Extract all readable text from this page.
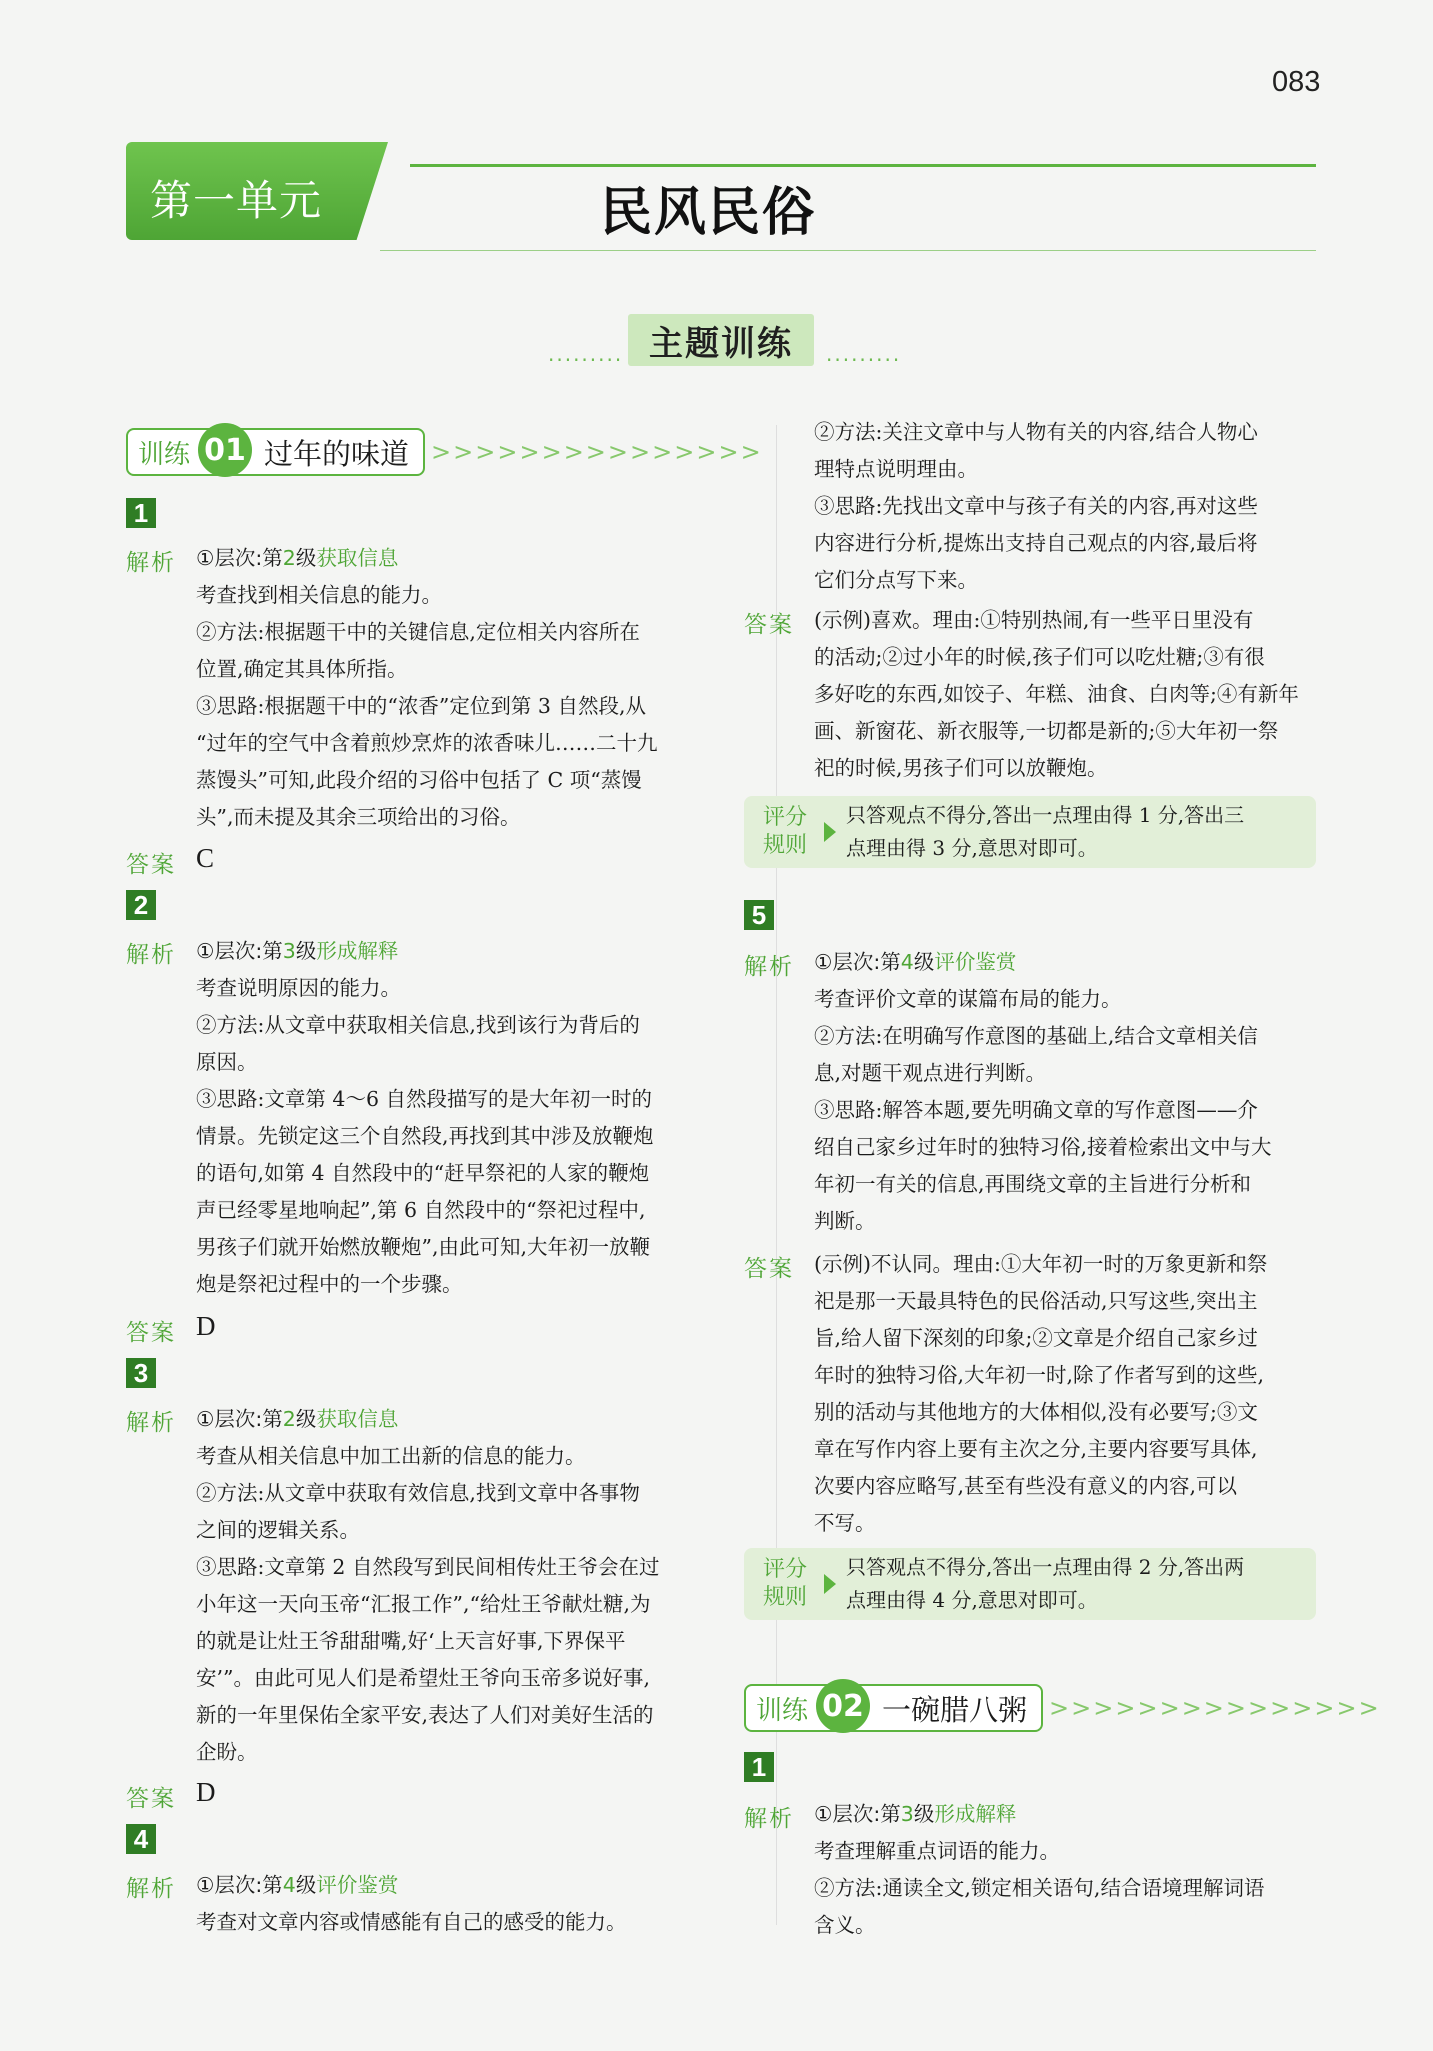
083
第一单元	民风民俗
········· 主题训练	·········
训练 01 过年的味道 >>>>>>>>>>>>>>>
1
解析 ①层次:第2级获取信息

考查找到相关信息的能力。

②方法:根据题干中的关键信息,定位相关内容所在

位置,确定其具体所指。

③思路:根据题干中的“浓香”定位到第 3 自然段,从

“过年的空气中含着煎炒烹炸的浓香味儿……二十九

蒸馒头”可知,此段介绍的习俗中包括了 C 项“蒸馒

头”,而未提及其余三项给出的习俗。

答案 C
2
解析 ①层次:第3级形成解释

考查说明原因的能力。

②方法:从文章中获取相关信息,找到该行为背后的

原因。

③思路:文章第 4～6 自然段描写的是大年初一时的

情景。先锁定这三个自然段,再找到其中涉及放鞭炮

的语句,如第 4 自然段中的“赶早祭祀的人家的鞭炮

声已经零星地响起”,第 6 自然段中的“祭祀过程中,

男孩子们就开始燃放鞭炮”,由此可知,大年初一放鞭

炮是祭祀过程中的一个步骤。

答案 D
3
解析 ①层次:第2级获取信息

考查从相关信息中加工出新的信息的能力。

②方法:从文章中获取有效信息,找到文章中各事物

之间的逻辑关系。

③思路:文章第 2 自然段写到民间相传灶王爷会在过

小年这一天向玉帝“汇报工作”,“给灶王爷献灶糖,为

的就是让灶王爷甜甜嘴,好‘上天言好事,下界保平

安’”。由此可见人们是希望灶王爷向玉帝多说好事,

新的一年里保佑全家平安,表达了人们对美好生活的

企盼。

答案 D
4
解析 ①层次:第4级评价鉴赏

考查对文章内容或情感能有自己的感受的能力。

②方法:关注文章中与人物有关的内容,结合人物心

理特点说明理由。

③思路:先找出文章中与孩子有关的内容,再对这些

内容进行分析,提炼出支持自己观点的内容,最后将

它们分点写下来。

答案 (示例)喜欢。理由:①特别热闹,有一些平日里没有

的活动;②过小年的时候,孩子们可以吃灶糖;③有很

多好吃的东西,如饺子、年糕、油食、白肉等;④有新年

画、新窗花、新衣服等,一切都是新的;⑤大年初一祭

祀的时候,男孩子们可以放鞭炮。

评分
规则
只答观点不得分,答出一点理由得 1 分,答出三
点理由得 3 分,意思对即可。
5
解析 ①层次:第4级评价鉴赏

考查评价文章的谋篇布局的能力。

②方法:在明确写作意图的基础上,结合文章相关信

息,对题干观点进行判断。

③思路:解答本题,要先明确文章的写作意图——介

绍自己家乡过年时的独特习俗,接着检索出文中与大

年初一有关的信息,再围绕文章的主旨进行分析和

判断。

答案 (示例)不认同。理由:①大年初一时的万象更新和祭

祀是那一天最具特色的民俗活动,只写这些,突出主

旨,给人留下深刻的印象;②文章是介绍自己家乡过

年时的独特习俗,大年初一时,除了作者写到的这些,

别的活动与其他地方的大体相似,没有必要写;③文

章在写作内容上要有主次之分,主要内容要写具体,

次要内容应略写,甚至有些没有意义的内容,可以

不写。

评分
规则
只答观点不得分,答出一点理由得 2 分,答出两
点理由得 4 分,意思对即可。
训练 02 一碗腊八粥 >>>>>>>>>>>>>>>
1
解析 ①层次:第3级形成解释

考查理解重点词语的能力。

②方法:通读全文,锁定相关语句,结合语境理解词语

含义。
